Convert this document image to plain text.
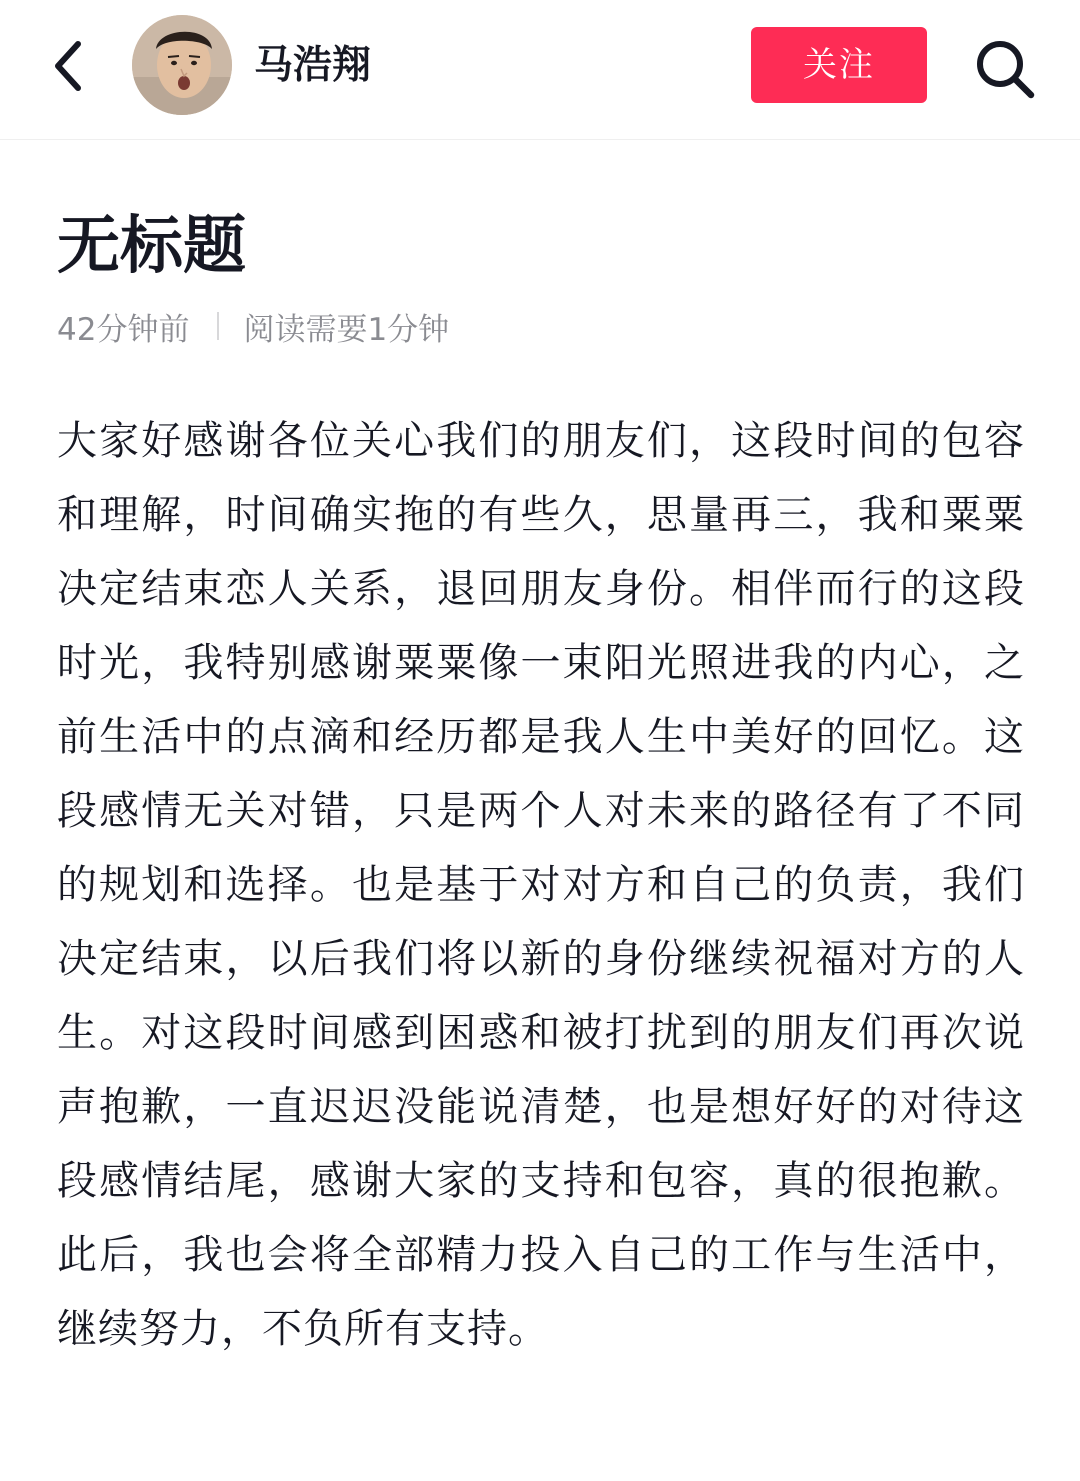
马浩翔	关注
无标题
42分钟前 阅读需要1分钟

大家好感谢各位关心我们的朋友们，这段时间的包容和理解，时间确实拖的有些久，思量再三，我和粟粟决定结束恋人关系，退回朋友身份。相伴而行的这段时光，我特别感谢粟粟像一束阳光照进我的内心，之前生活中的点滴和经历都是我人生中美好的回忆。这段感情无关对错，只是两个人对未来的路径有了不同的规划和选择。也是基于对对方和自己的负责，我们决定结束，以后我们将以新的身份继续祝福对方的人生。对这段时间感到困惑和被打扰到的朋友们再次说声抱歉，一直迟迟没能说清楚，也是想好好的对待这段感情结尾，感谢大家的支持和包容，真的很抱歉。此后，我也会将全部精力投入自己的工作与生活中，继续努力，不负所有支持。
